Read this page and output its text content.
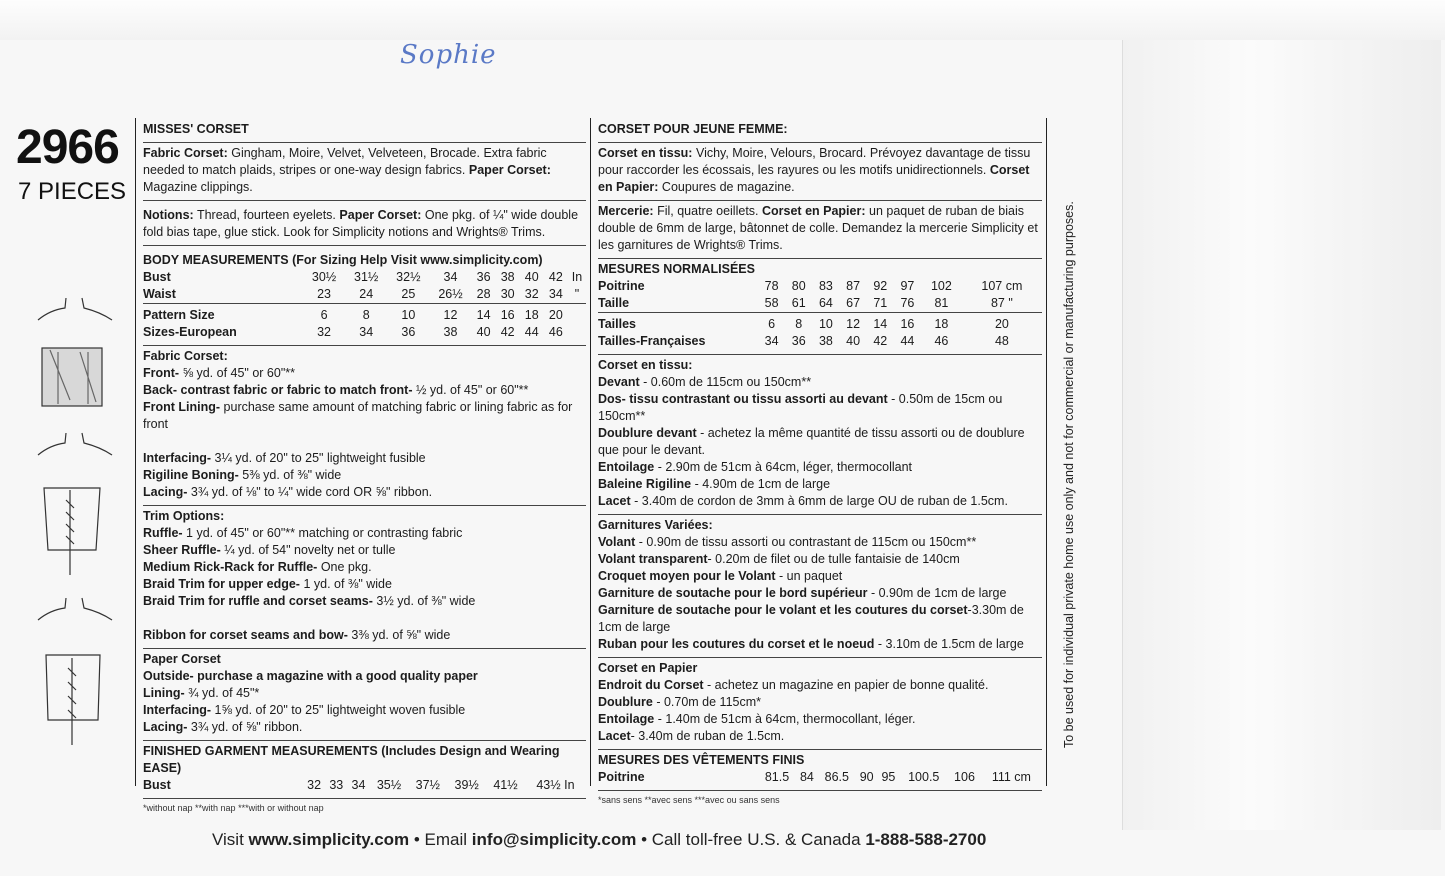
Sophie
2966
7 PIECES
MISSES' CORSET
Fabric Corset: Gingham, Moire, Velvet, Velveteen, Brocade. Extra fabric needed to match plaids, stripes or one-way design fabrics. Paper Corset: Magazine clippings.
Notions: Thread, fourteen eyelets. Paper Corset: One pkg. of ¼" wide double fold bias tape, glue stick. Look for Simplicity notions and Wrights® Trims.
BODY MEASUREMENTS (For Sizing Help Visit www.simplicity.com)
Bust	30½	31½	32½	34	36	38	40	42	In
Waist	23	24	25	26½	28	30	32	34	"

Pattern Size	6	8	10	12	14	16	18	20	
Sizes-European	32	34	36	38	40	42	44	46	
Fabric Corset:
Front- ⅝ yd. of 45" or 60"**
Back- contrast fabric or fabric to match front- ½ yd. of 45" or 60"**
Front Lining- purchase same amount of matching fabric or lining fabric as for front
Interfacing- 3¼ yd. of 20" to 25" lightweight fusible
Rigiline Boning- 5⅜ yd. of ⅜" wide
Lacing- 3¾ yd. of ⅛" to ¼" wide cord OR ⅝" ribbon.
Trim Options:
Ruffle- 1 yd. of 45" or 60"** matching or contrasting fabric
Sheer Ruffle- ¼ yd. of 54" novelty net or tulle
Medium Rick-Rack for Ruffle- One pkg.
Braid Trim for upper edge- 1 yd. of ⅜" wide
Braid Trim for ruffle and corset seams- 3½ yd. of ⅜" wide
Ribbon for corset seams and bow- 3⅜ yd. of ⅝" wide
Paper Corset
Outside- purchase a magazine with a good quality paper
Lining- ¾ yd. of 45"*
Interfacing- 1⅝ yd. of 20" to 25" lightweight woven fusible
Lacing- 3¾ yd. of ⅝" ribbon.
FINISHED GARMENT MEASUREMENTS (Includes Design and Wearing EASE)
Bust	32	33	34	35½	37½	39½	41½	43½ In
*without nap **with nap ***with or without nap
CORSET POUR JEUNE FEMME:
Corset en tissu: Vichy, Moire, Velours, Brocard. Prévoyez davantage de tissu pour raccorder les écossais, les rayures ou les motifs unidirectionnels. Corset en Papier: Coupures de magazine.
Mercerie: Fil, quatre oeillets. Corset en Papier: un paquet de ruban de biais double de 6mm de large, bâtonnet de colle. Demandez la mercerie Simplicity et les garnitures de Wrights® Trims.
MESURES NORMALISÉES
Poitrine	78	80	83	87	92	97	102	107 cm
Taille	58	61	64	67	71	76	81	87 "

Tailles	6	8	10	12	14	16	18	20
Tailles-Françaises	34	36	38	40	42	44	46	48
Corset en tissu:
Devant - 0.60m de 115cm ou 150cm**
Dos- tissu contrastant ou tissu assorti au devant - 0.50m de 15cm ou 150cm**
Doublure devant - achetez la même quantité de tissu assorti ou de doublure que pour le devant.
Entoilage - 2.90m de 51cm à 64cm, léger, thermocollant
Baleine Rigiline - 4.90m de 1cm de large
Lacet - 3.40m de cordon de 3mm à 6mm de large OU de ruban de 1.5cm.
Garnitures Variées:
Volant - 0.90m de tissu assorti ou contrastant de 115cm ou 150cm**
Volant transparent- 0.20m de filet ou de tulle fantaisie de 140cm
Croquet moyen pour le Volant - un paquet
Garniture de soutache pour le bord supérieur - 0.90m de 1cm de large
Garniture de soutache pour le volant et les coutures du corset-3.30m de 1cm de large
Ruban pour les coutures du corset et le noeud - 3.10m de 1.5cm de large
Corset en Papier
Endroit du Corset - achetez un magazine en papier de bonne qualité.
Doublure - 0.70m de 115cm*
Entoilage - 1.40m de 51cm à 64cm, thermocollant, léger.
Lacet- 3.40m de ruban de 1.5cm.
MESURES DES VÊTEMENTS FINIS
Poitrine	81.5	84	86.5	90	95	100.5	106	111 cm
*sans sens **avec sens ***avec ou sans sens
To be used for individual private home use only and not for commercial or manufacturing purposes.
Visit www.simplicity.com • Email info@simplicity.com • Call toll-free U.S. & Canada 1-888-588-2700
